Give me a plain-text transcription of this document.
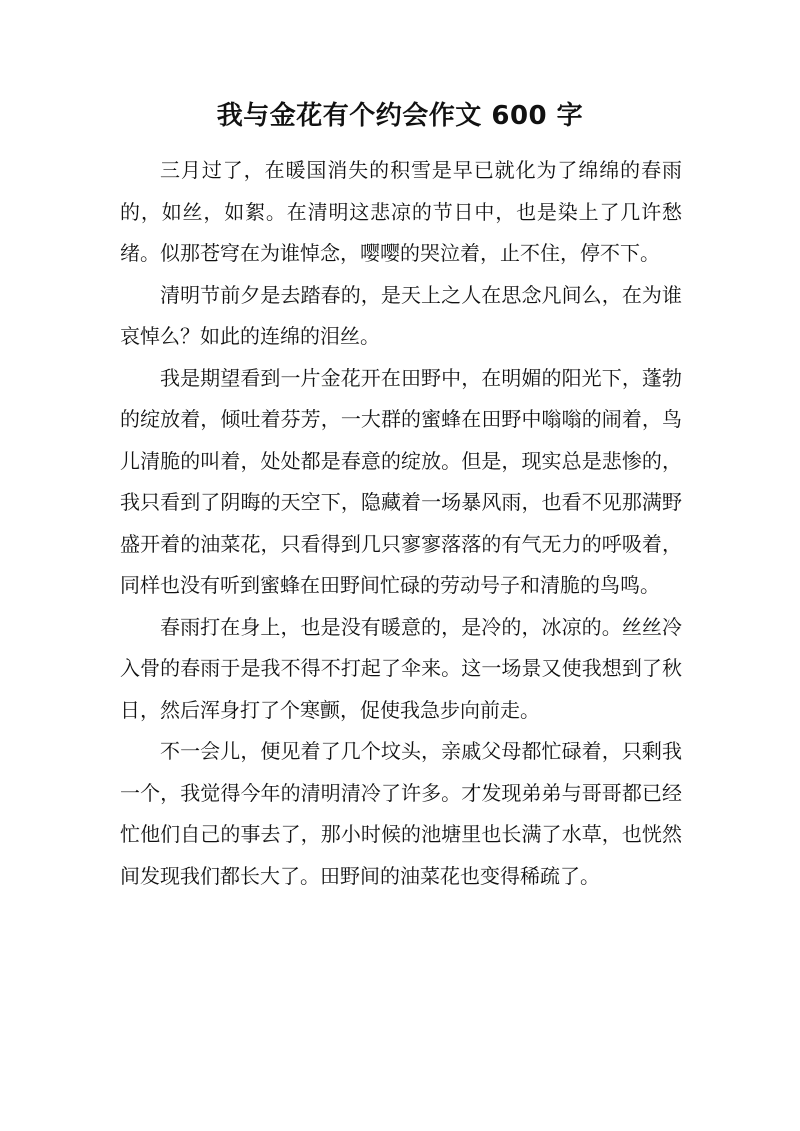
我与金花有个约会作文 600 字

三月过了，在暖国消失的积雪是早已就化为了绵绵的春雨的，如丝，如絮。在清明这悲凉的节日中，也是染上了几许愁绪。似那苍穹在为谁悼念，嘤嘤的哭泣着，止不住，停不下。

清明节前夕是去踏春的，是天上之人在思念凡间么，在为谁哀悼么？如此的连绵的泪丝。

我是期望看到一片金花开在田野中，在明媚的阳光下，蓬勃的绽放着，倾吐着芬芳，一大群的蜜蜂在田野中嗡嗡的闹着，鸟儿清脆的叫着，处处都是春意的绽放。但是，现实总是悲惨的，我只看到了阴晦的天空下，隐藏着一场暴风雨，也看不见那满野盛开着的油菜花，只看得到几只寥寥落落的有气无力的呼吸着，同样也没有听到蜜蜂在田野间忙碌的劳动号子和清脆的鸟鸣。

春雨打在身上，也是没有暖意的，是冷的，冰凉的。丝丝冷入骨的春雨于是我不得不打起了伞来。这一场景又使我想到了秋日，然后浑身打了个寒颤，促使我急步向前走。

不一会儿，便见着了几个坟头，亲戚父母都忙碌着，只剩我一个，我觉得今年的清明清冷了许多。才发现弟弟与哥哥都已经忙他们自己的事去了，那小时候的池塘里也长满了水草，也恍然间发现我们都长大了。田野间的油菜花也变得稀疏了。
